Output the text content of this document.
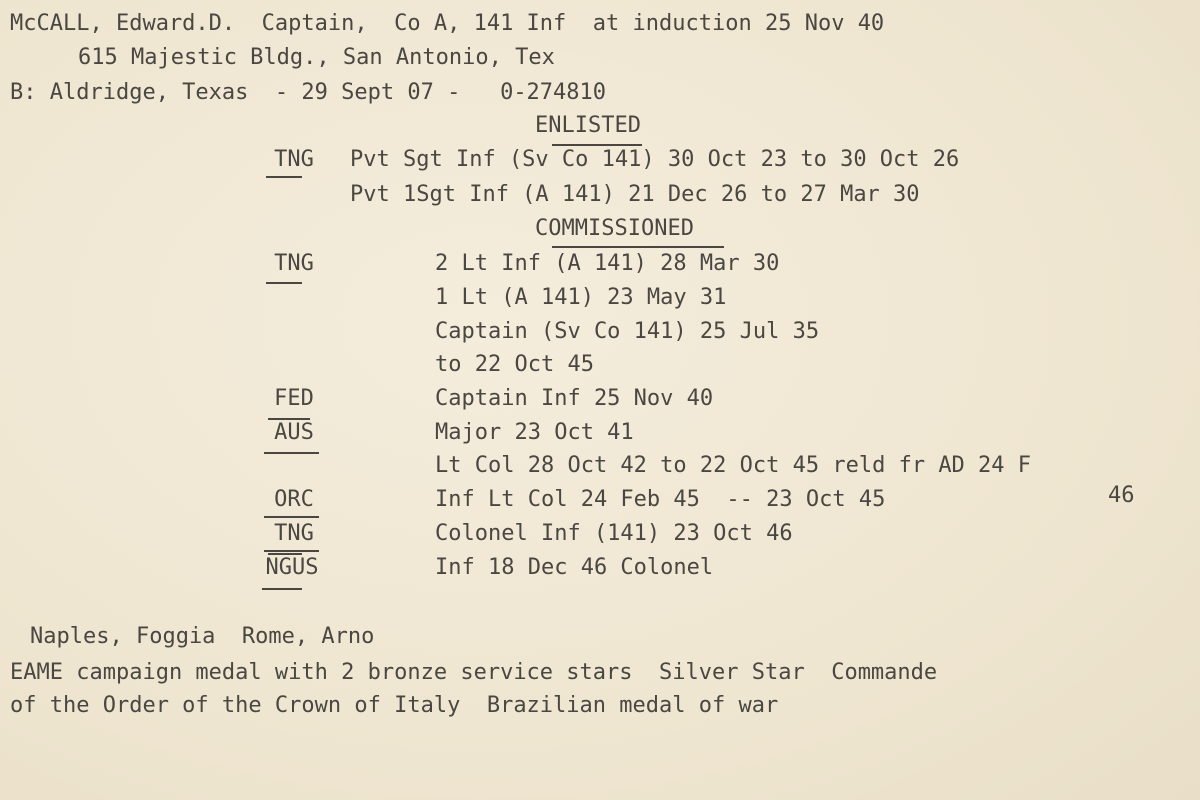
McCALL, Edward.D.  Captain,  Co A, 141 Inf  at induction 25 Nov 40
615 Majestic Bldg., San Antonio, Tex
B: Aldridge, Texas  - 29 Sept 07 -   0-274810
ENLISTED
TNG	Pvt Sgt Inf (Sv Co 141) 30 Oct 23 to 30 Oct 26
Pvt 1Sgt Inf (A 141) 21 Dec 26 to 27 Mar 30
COMMISSIONED
TNG	2 Lt Inf (A 141) 28 Mar 30
1 Lt (A 141) 23 May 31
Captain (Sv Co 141) 25 Jul 35
to 22 Oct 45
FED	Captain Inf 25 Nov 40
AUS	Major 23 Oct 41
Lt Col 28 Oct 42 to 22 Oct 45 reld fr AD 24 F
ORC	Inf Lt Col 24 Feb 45  -- 23 Oct 45	46
TNG	Colonel Inf (141) 23 Oct 46
NGUS	Inf 18 Dec 46 Colonel
Naples, Foggia  Rome, Arno
EAME campaign medal with 2 bronze service stars  Silver Star  Commande
of the Order of the Crown of Italy  Brazilian medal of war
